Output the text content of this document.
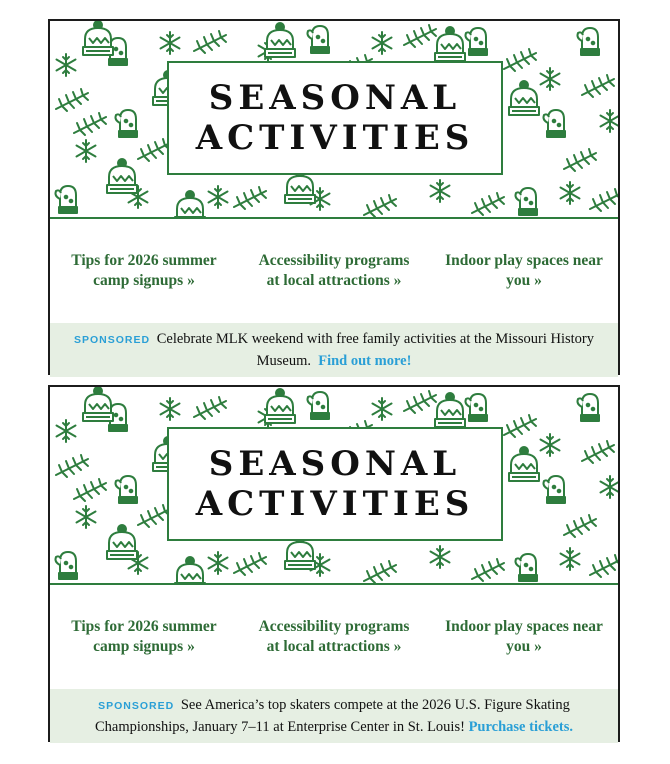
SEASONAL
ACTIVITIES
Tips for 2026 summer camp signups »
Accessibility programs at local attractions »
Indoor play spaces near you »
SPONSORED Celebrate MLK weekend with free family activities at the Missouri History Museum. Find out more!
SEASONAL
ACTIVITIES
Tips for 2026 summer camp signups »
Accessibility programs at local attractions »
Indoor play spaces near you »
SPONSORED See America’s top skaters compete at the 2026 U.S. Figure Skating Championships, January 7–11 at Enterprise Center in St. Louis! Purchase tickets.
